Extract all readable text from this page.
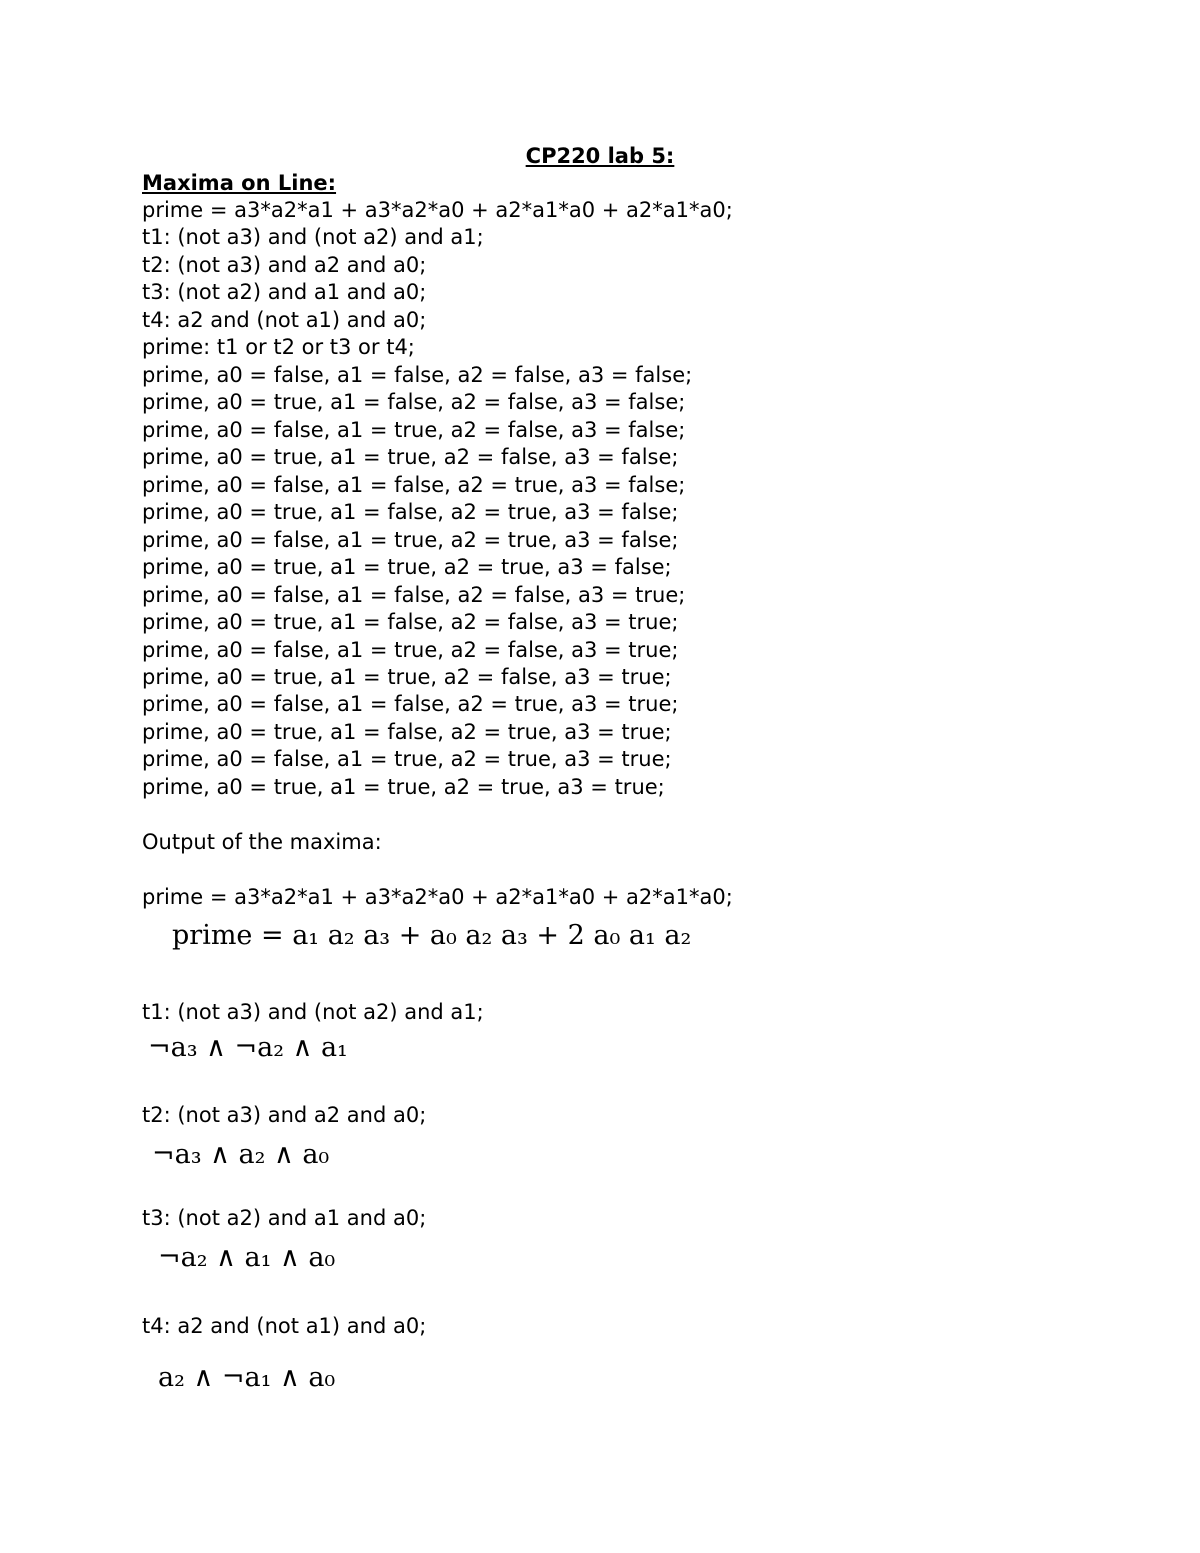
CP220 lab 5:
Maxima on Line:
prime = a3*a2*a1 + a3*a2*a0 + a2*a1*a0 + a2*a1*a0;
t1: (not a3) and (not a2) and a1;
t2: (not a3) and a2 and a0;
t3: (not a2) and a1 and a0;
t4: a2 and (not a1) and a0;
prime: t1 or t2 or t3 or t4;
prime, a0 = false, a1 = false, a2 = false, a3 = false;
prime, a0 = true, a1 = false, a2 = false, a3 = false;
prime, a0 = false, a1 = true, a2 = false, a3 = false;
prime, a0 = true, a1 = true, a2 = false, a3 = false;
prime, a0 = false, a1 = false, a2 = true, a3 = false;
prime, a0 = true, a1 = false, a2 = true, a3 = false;
prime, a0 = false, a1 = true, a2 = true, a3 = false;
prime, a0 = true, a1 = true, a2 = true, a3 = false;
prime, a0 = false, a1 = false, a2 = false, a3 = true;
prime, a0 = true, a1 = false, a2 = false, a3 = true;
prime, a0 = false, a1 = true, a2 = false, a3 = true;
prime, a0 = true, a1 = true, a2 = false, a3 = true;
prime, a0 = false, a1 = false, a2 = true, a3 = true;
prime, a0 = true, a1 = false, a2 = true, a3 = true;
prime, a0 = false, a1 = true, a2 = true, a3 = true;
prime, a0 = true, a1 = true, a2 = true, a3 = true;
Output of the maxima:
prime = a3*a2*a1 + a3*a2*a0 + a2*a1*a0 + a2*a1*a0;
prime = a₁ a₂ a₃ + a₀ a₂ a₃ + 2 a₀ a₁ a₂
t1: (not a3) and (not a2) and a1;
¬a₃ ∧ ¬a₂ ∧ a₁
t2: (not a3) and a2 and a0;
¬a₃ ∧ a₂ ∧ a₀
t3: (not a2) and a1 and a0;
¬a₂ ∧ a₁ ∧ a₀
t4: a2 and (not a1) and a0;
a₂ ∧ ¬a₁ ∧ a₀
